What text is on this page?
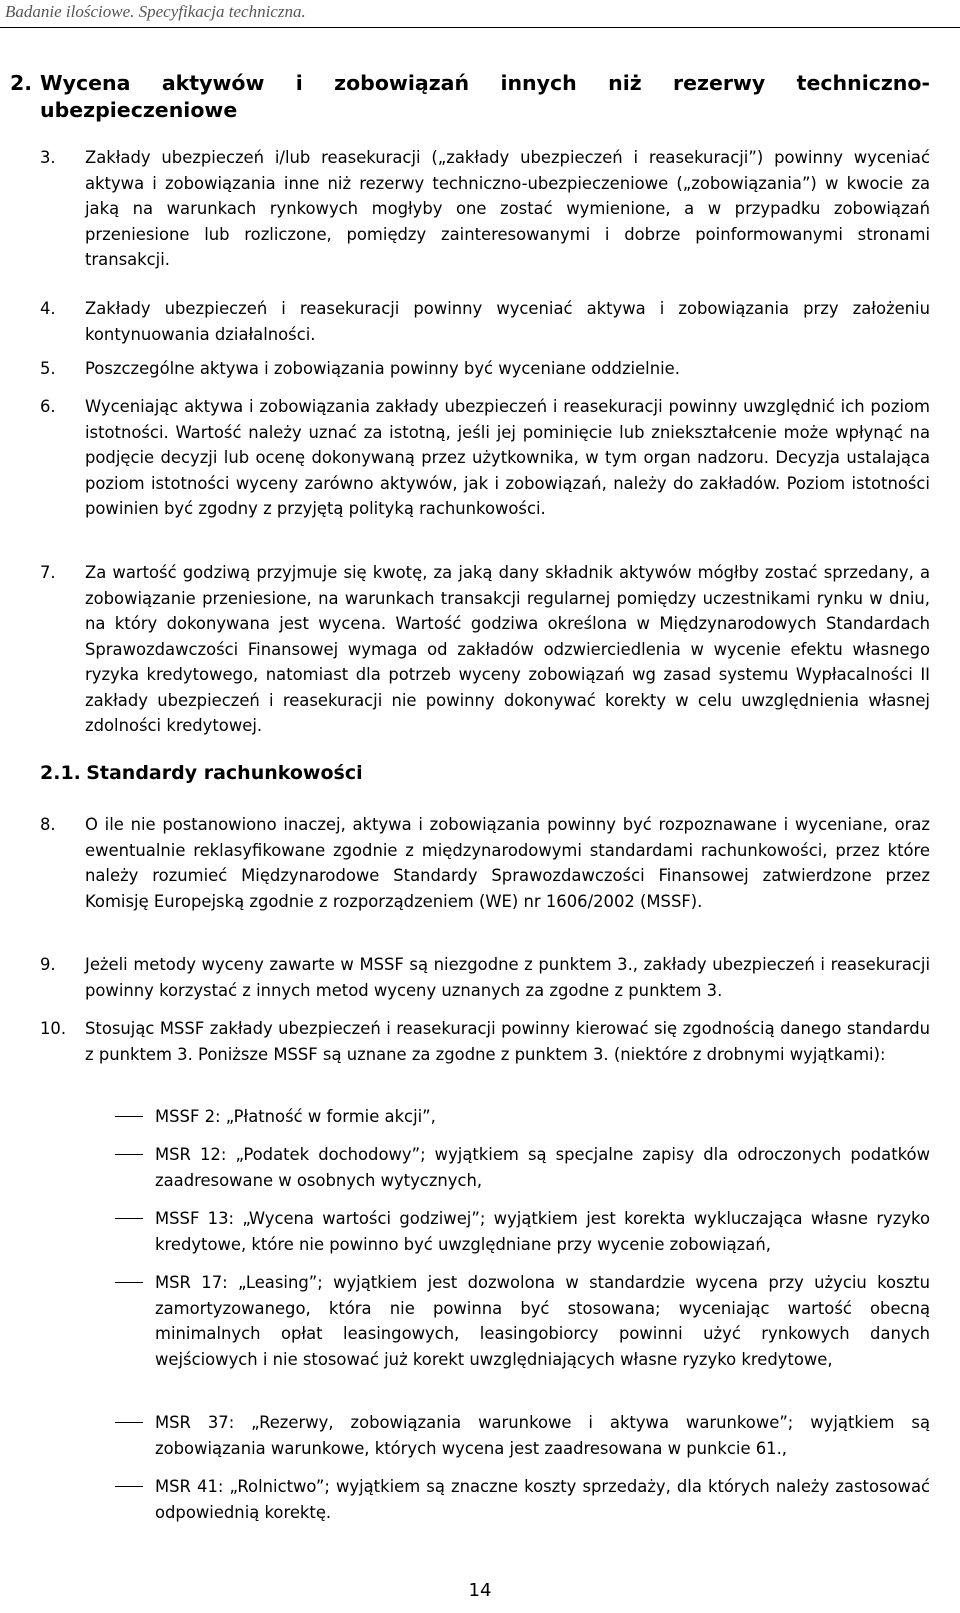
Badanie ilościowe. Specyfikacja techniczna.
2. Wycena aktywów i zobowiązań innych niż rezerwy techniczno-ubezpieczeniowe
3. Zakłady ubezpieczeń i/lub reasekuracji („zakłady ubezpieczeń i reasekuracji”) powinny wyceniać aktywa i zobowiązania inne niż rezerwy techniczno-ubezpieczeniowe („zobowiązania”) w kwocie za jaką na warunkach rynkowych mogłyby one zostać wymienione, a w przypadku zobowiązań przeniesione lub rozliczone, pomiędzy zainteresowanymi i dobrze poinformowanymi stronami transakcji.
4. Zakłady ubezpieczeń i reasekuracji powinny wyceniać aktywa i zobowiązania przy założeniu kontynuowania działalności.
5. Poszczególne aktywa i zobowiązania powinny być wyceniane oddzielnie.
6. Wyceniając aktywa i zobowiązania zakłady ubezpieczeń i reasekuracji powinny uwzględnić ich poziom istotności. Wartość należy uznać za istotną, jeśli jej pominięcie lub zniekształcenie może wpłynąć na podjęcie decyzji lub ocenę dokonywaną przez użytkownika, w tym organ nadzoru. Decyzja ustalająca poziom istotności wyceny zarówno aktywów, jak i zobowiązań, należy do zakładów. Poziom istotności powinien być zgodny z przyjętą polityką rachunkowości.
7. Za wartość godziwą przyjmuje się kwotę, za jaką dany składnik aktywów mógłby zostać sprzedany, a zobowiązanie przeniesione, na warunkach transakcji regularnej pomiędzy uczestnikami rynku w dniu, na który dokonywana jest wycena. Wartość godziwa określona w Międzynarodowych Standardach Sprawozdawczości Finansowej wymaga od zakładów odzwierciedlenia w wycenie efektu własnego ryzyka kredytowego, natomiast dla potrzeb wyceny zobowiązań wg zasad systemu Wypłacalności II zakłady ubezpieczeń i reasekuracji nie powinny dokonywać korekty w celu uwzględnienia własnej zdolności kredytowej.
2.1. Standardy rachunkowości
8. O ile nie postanowiono inaczej, aktywa i zobowiązania powinny być rozpoznawane i wyceniane, oraz ewentualnie reklasyfikowane zgodnie z międzynarodowymi standardami rachunkowości, przez które należy rozumieć Międzynarodowe Standardy Sprawozdawczości Finansowej zatwierdzone przez Komisję Europejską zgodnie z rozporządzeniem (WE) nr 1606/2002 (MSSF).
9. Jeżeli metody wyceny zawarte w MSSF są niezgodne z punktem 3., zakłady ubezpieczeń i reasekuracji powinny korzystać z innych metod wyceny uznanych za zgodne z punktem 3.
10. Stosując MSSF zakłady ubezpieczeń i reasekuracji powinny kierować się zgodnością danego standardu z punktem 3. Poniższe MSSF są uznane za zgodne z punktem 3. (niektóre z drobnymi wyjątkami):
MSSF 2: „Płatność w formie akcji”,
MSR 12: „Podatek dochodowy”; wyjątkiem są specjalne zapisy dla odroczonych podatków zaadresowane w osobnych wytycznych,
MSSF 13: „Wycena wartości godziwej”; wyjątkiem jest korekta wykluczająca własne ryzyko kredytowe, które nie powinno być uwzględniane przy wycenie zobowiązań,
MSR 17: „Leasing”; wyjątkiem jest dozwolona w standardzie wycena przy użyciu kosztu zamortyzowanego, która nie powinna być stosowana; wyceniając wartość obecną minimalnych opłat leasingowych, leasingobiorcy powinni użyć rynkowych danych wejściowych i nie stosować już korekt uwzględniających własne ryzyko kredytowe,
MSR 37: „Rezerwy, zobowiązania warunkowe i aktywa warunkowe”; wyjątkiem są zobowiązania warunkowe, których wycena jest zaadresowana w punkcie 61.,
MSR 41: „Rolnictwo”; wyjątkiem są znaczne koszty sprzedaży, dla których należy zastosować odpowiednią korektę.
14
